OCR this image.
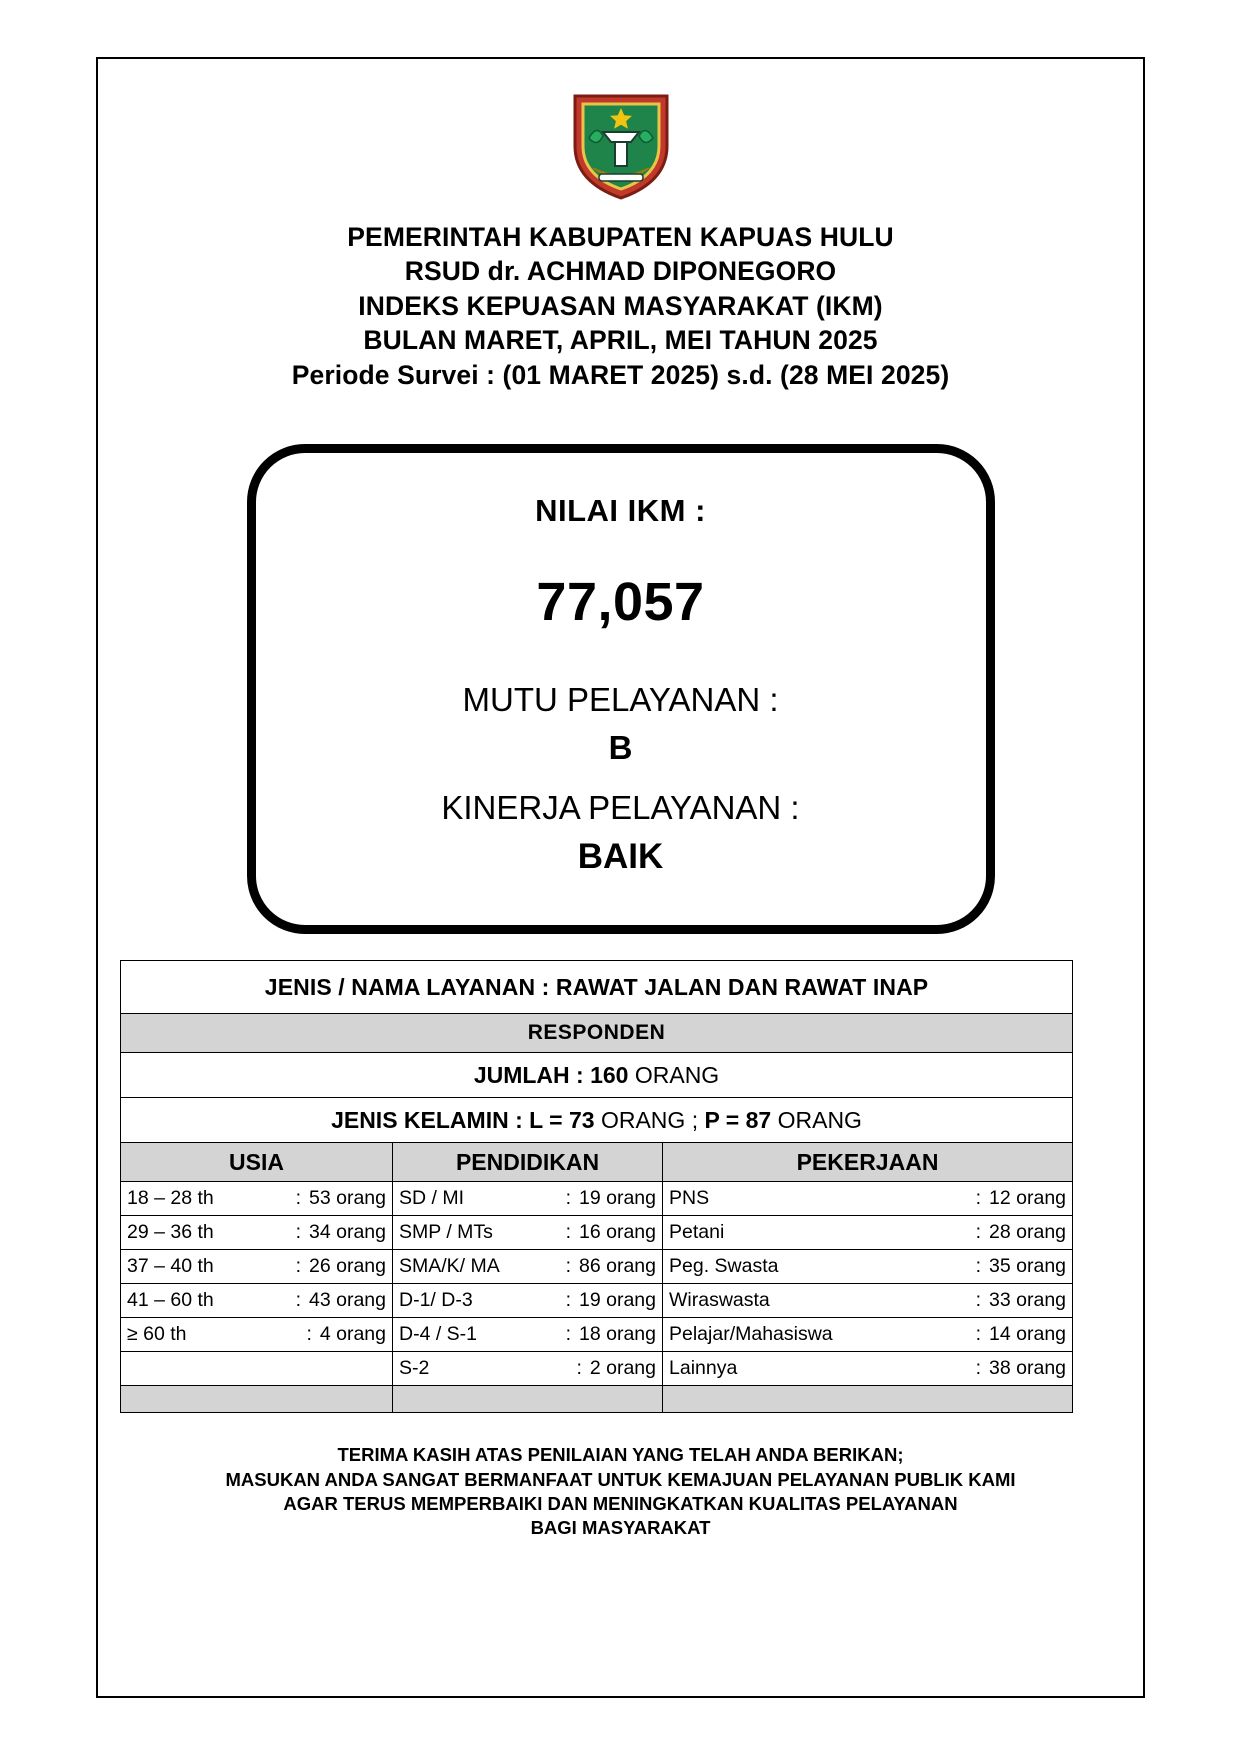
PEMERINTAH KABUPATEN KAPUAS HULU
RSUD dr. ACHMAD DIPONEGORO
INDEKS KEPUASAN MASYARAKAT (IKM)
BULAN MARET, APRIL, MEI TAHUN 2025
Periode Survei : (01 MARET 2025) s.d. (28 MEI 2025)
NILAI IKM :
77,057
MUTU PELAYANAN :
B
KINERJA PELAYANAN :
BAIK
JENIS / NAMA LAYANAN : RAWAT JALAN DAN RAWAT INAP		
RESPONDEN		
JUMLAH : 160 ORANG		
JENIS KELAMIN : L = 73 ORANG ; P = 87 ORANG		
USIA	PENDIDIKAN	PEKERJAAN

18 – 28 th : 53 orang	SD / MI : 19 orang	PNS : 12 orang

29 – 36 th : 34 orang	SMP / MTs : 16 orang	Petani : 28 orang

37 – 40 th : 26 orang	SMA/K/ MA : 86 orang	Peg. Swasta : 35 orang

41 – 60 th : 43 orang	D-1/ D-3 : 19 orang	Wiraswasta : 33 orang

≥ 60 th : 4 orang	D-4 / S-1 : 18 orang	Pelajar/Mahasiswa : 14 orang

	S-2 : 2 orang	Lainnya : 38 orang

TERIMA KASIH ATAS PENILAIAN YANG TELAH ANDA BERIKAN;
MASUKAN ANDA SANGAT BERMANFAAT UNTUK KEMAJUAN PELAYANAN PUBLIK KAMI
AGAR TERUS MEMPERBAIKI DAN MENINGKATKAN KUALITAS PELAYANAN
BAGI MASYARAKAT
